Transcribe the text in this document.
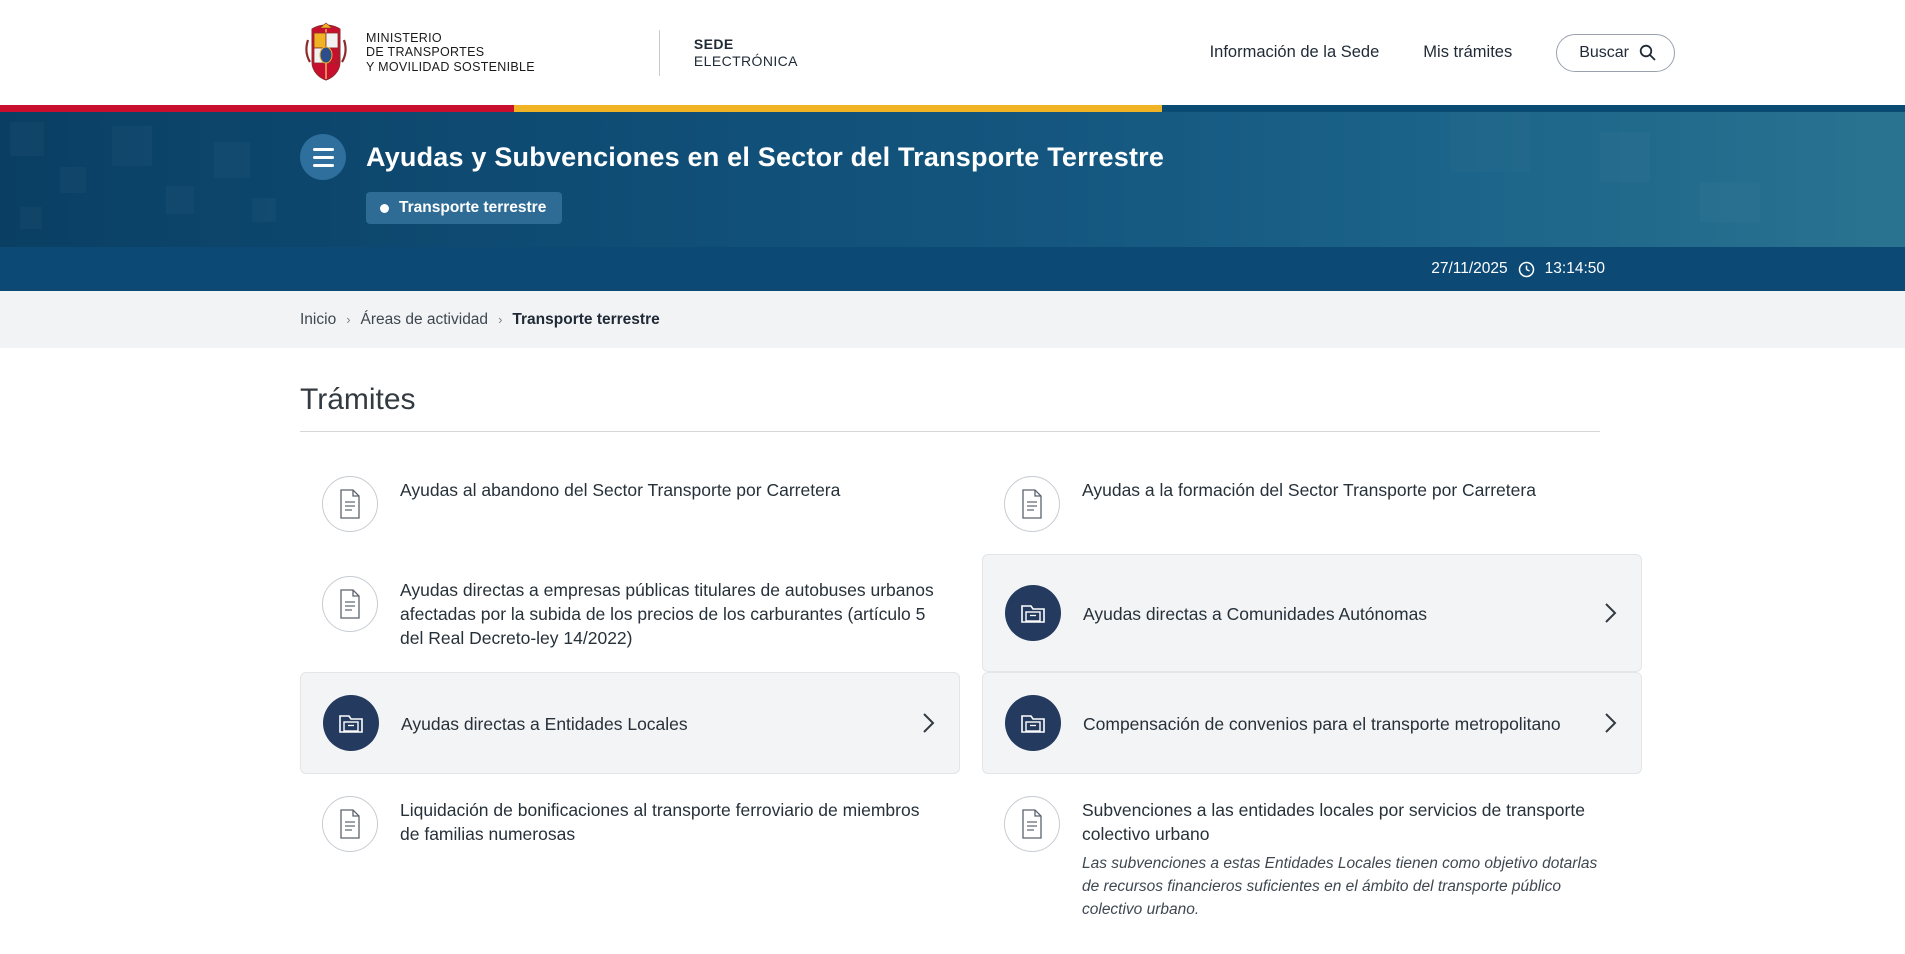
MINISTERIO
DE TRANSPORTES
Y MOVILIDAD SOSTENIBLE
SEDE
ELECTRÓNICA	Información de la Sede	Mis trámites	Buscar
Ayudas y Subvenciones en el Sector del Transporte Terrestre
Transporte terrestre
27/11/2025 13:14:50
Inicio › Áreas de actividad › Transporte terrestre
Trámites
Ayudas al abandono del Sector Transporte por Carretera	Ayudas a la formación del Sector Transporte por Carretera
Ayudas directas a empresas públicas titulares de autobuses urbanos afectadas por la subida de los precios de los carburantes (artículo 5 del Real Decreto-ley 14/2022)
Ayudas directas a Comunidades Autónomas
Ayudas directas a Entidades Locales	Compensación de convenios para el transporte metropolitano
Liquidación de bonificaciones al transporte ferroviario de miembros de familias numerosas
Subvenciones a las entidades locales por servicios de transporte colectivo urbano
Las subvenciones a estas Entidades Locales tienen como objetivo dotarlas de recursos financieros suficientes en el ámbito del transporte público colectivo urbano.
